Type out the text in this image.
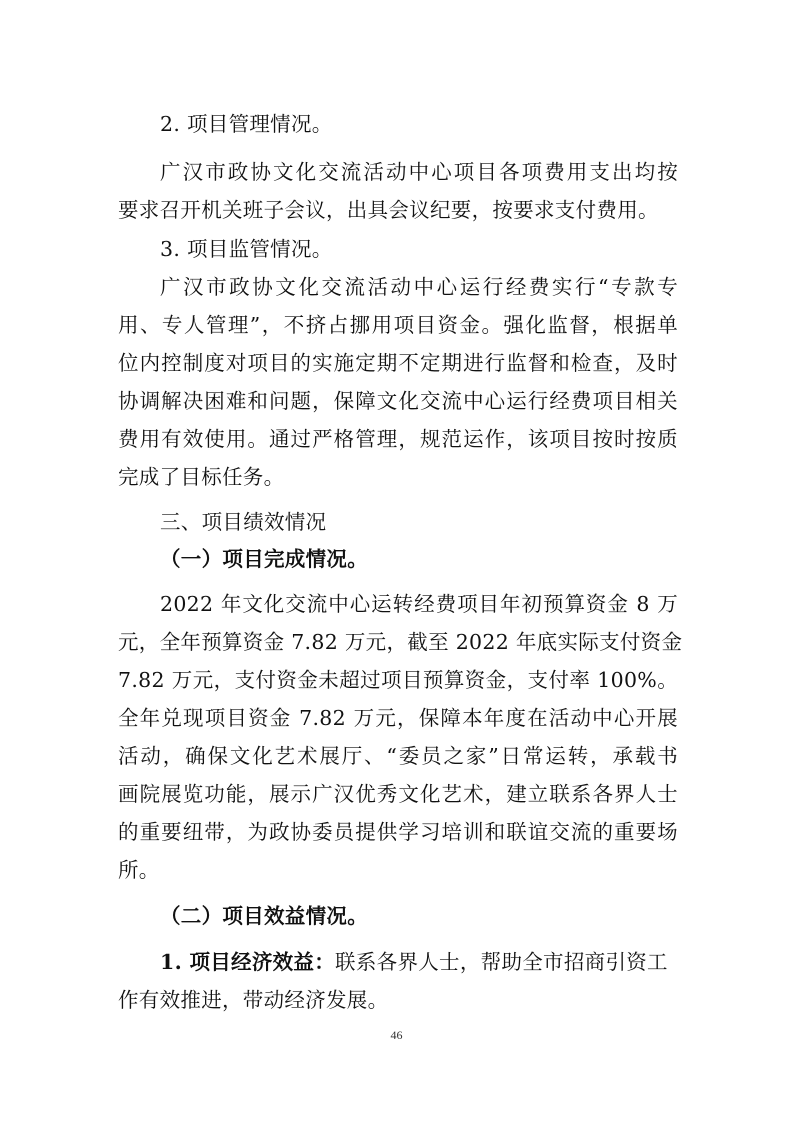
2. 项目管理情况。
广汉市政协文化交流活动中心项目各项费用支出均按
要求召开机关班子会议，出具会议纪要，按要求支付费用。
3. 项目监管情况。
广汉市政协文化交流活动中心运行经费实行“专款专
用、专人管理”，不挤占挪用项目资金。强化监督，根据单
位内控制度对项目的实施定期不定期进行监督和检查，及时
协调解决困难和问题，保障文化交流中心运行经费项目相关
费用有效使用。通过严格管理，规范运作，该项目按时按质
完成了目标任务。
三、项目绩效情况
（一）项目完成情况。
2022 年文化交流中心运转经费项目年初预算资金 8 万
元，全年预算资金 7.82 万元，截至 2022 年底实际支付资金
7.82 万元，支付资金未超过项目预算资金，支付率 100%。
全年兑现项目资金 7.82 万元，保障本年度在活动中心开展
活动，确保文化艺术展厅、“委员之家”日常运转，承载书
画院展览功能，展示广汉优秀文化艺术，建立联系各界人士
的重要纽带，为政协委员提供学习培训和联谊交流的重要场
所。
（二）项目效益情况。
1. 项目经济效益：联系各界人士，帮助全市招商引资工
作有效推进，带动经济发展。
46
